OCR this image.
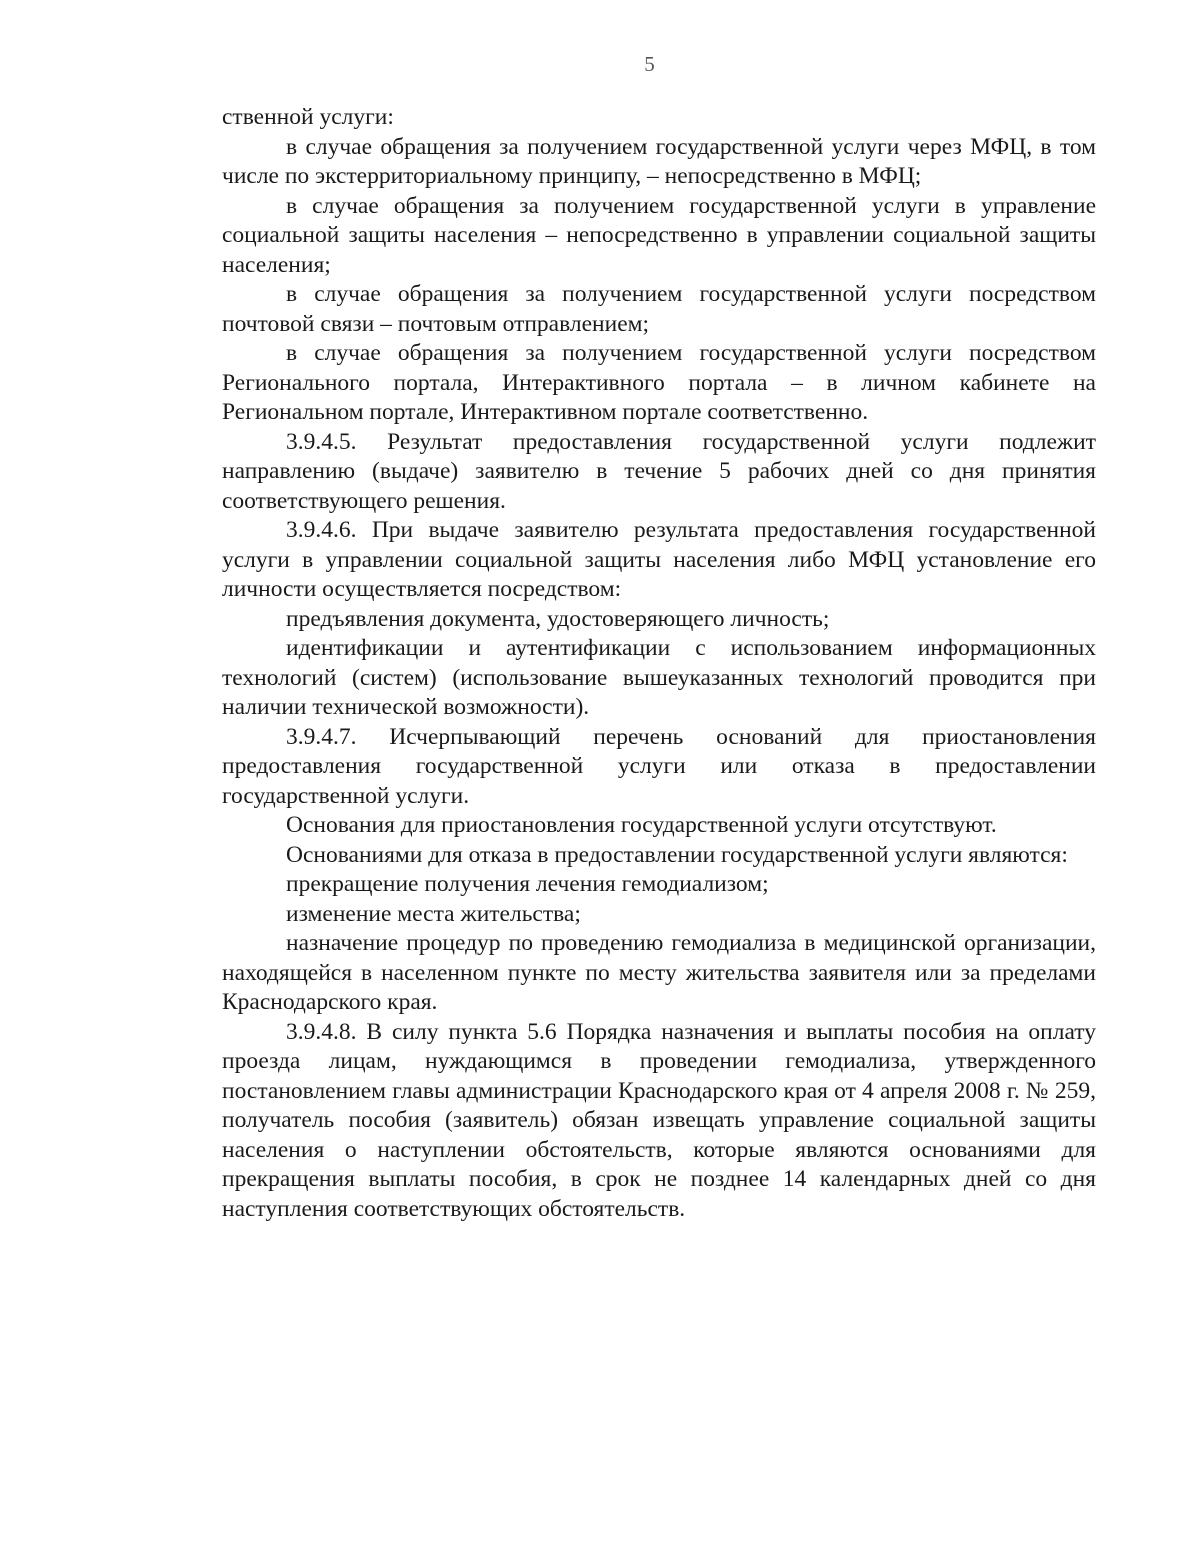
5

ственной услуги:

в случае обращения за получением государственной услуги через МФЦ, в том числе по экстерриториальному принципу, – непосредственно в МФЦ;

в случае обращения за получением государственной услуги в управление социальной защиты населения – непосредственно в управлении социальной защиты населения;

в случае обращения за получением государственной услуги посредством почтовой связи – почтовым отправлением;

в случае обращения за получением государственной услуги посредством Регионального портала, Интерактивного портала – в личном кабинете на Региональном портале, Интерактивном портале соответственно.

3.9.4.5. Результат предоставления государственной услуги подлежит направлению (выдаче) заявителю в течение 5 рабочих дней со дня принятия соответствующего решения.

3.9.4.6. При выдаче заявителю результата предоставления государственной услуги в управлении социальной защиты населения либо МФЦ установление его личности осуществляется посредством:

предъявления документа, удостоверяющего личность;

идентификации и аутентификации с использованием информационных технологий (систем) (использование вышеуказанных технологий проводится при наличии технической возможности).

3.9.4.7. Исчерпывающий перечень оснований для приостановления предоставления государственной услуги или отказа в предоставлении государственной услуги.

Основания для приостановления государственной услуги отсутствуют.

Основаниями для отказа в предоставлении государственной услуги являются:

прекращение получения лечения гемодиализом;

изменение места жительства;

назначение процедур по проведению гемодиализа в медицинской организации, находящейся в населенном пункте по месту жительства заявителя или за пределами Краснодарского края.

3.9.4.8. В силу пункта 5.6 Порядка назначения и выплаты пособия на оплату проезда лицам, нуждающимся в проведении гемодиализа, утвержденного постановлением главы администрации Краснодарского края от 4 апреля 2008 г. № 259, получатель пособия (заявитель) обязан извещать управление социальной защиты населения о наступлении обстоятельств, которые являются основаниями для прекращения выплаты пособия, в срок не позднее 14 календарных дней со дня наступления соответствующих обстоятельств.
